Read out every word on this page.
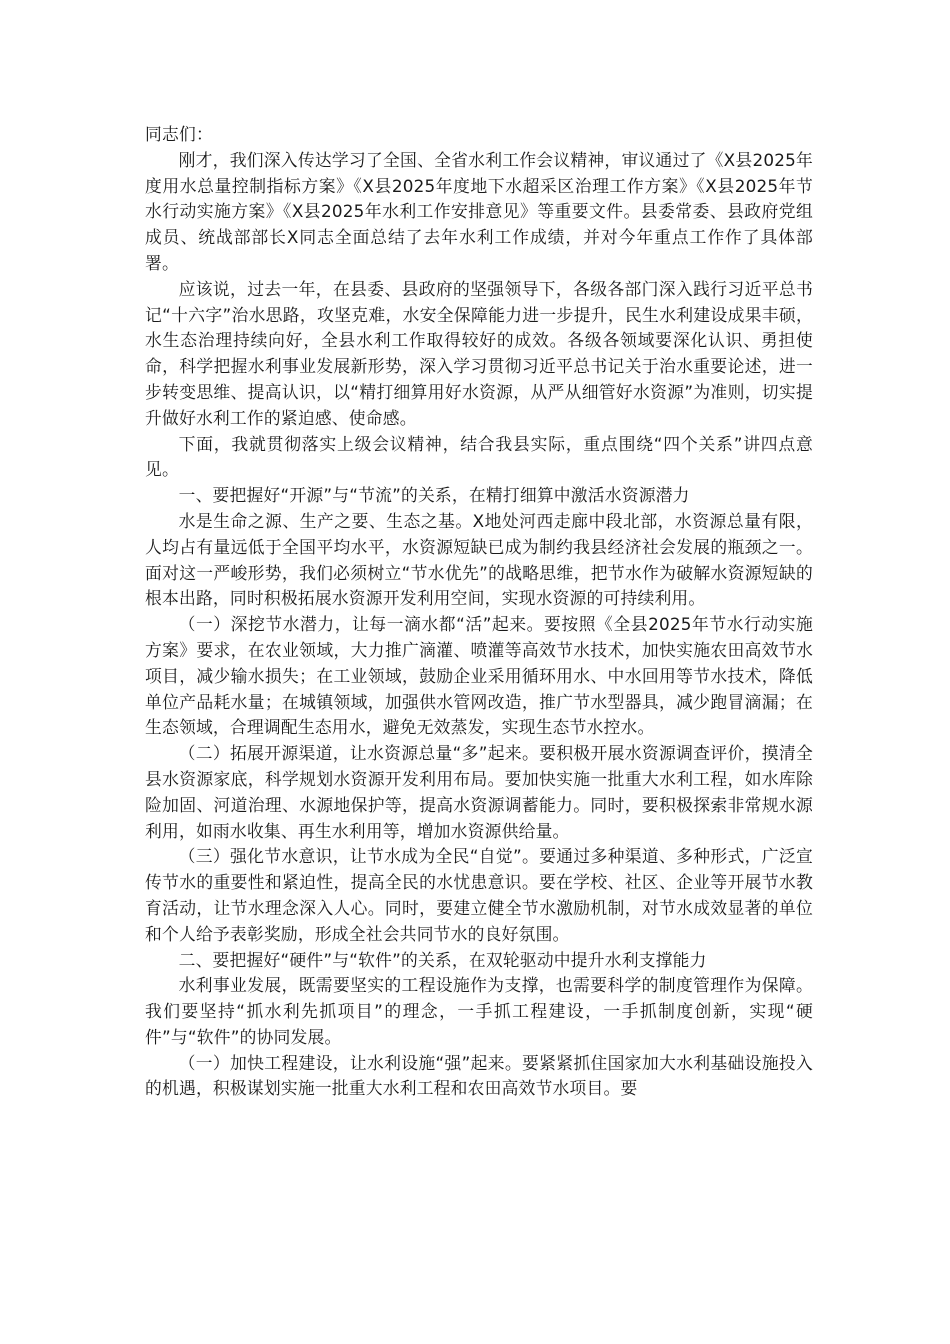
同志们：

刚才，我们深入传达学习了全国、全省水利工作会议精神，审议通过了《X县2025年度用水总量控制指标方案》《X县2025年度地下水超采区治理工作方案》《X县2025年节水行动实施方案》《X县2025年水利工作安排意见》等重要文件。县委常委、县政府党组成员、统战部部长X同志全面总结了去年水利工作成绩，并对今年重点工作作了具体部署。

应该说，过去一年，在县委、县政府的坚强领导下，各级各部门深入践行习近平总书记“十六字”治水思路，攻坚克难，水安全保障能力进一步提升，民生水利建设成果丰硕，水生态治理持续向好，全县水利工作取得较好的成效。各级各领域要深化认识、勇担使命，科学把握水利事业发展新形势，深入学习贯彻习近平总书记关于治水重要论述，进一步转变思维、提高认识，以“精打细算用好水资源，从严从细管好水资源”为准则，切实提升做好水利工作的紧迫感、使命感。

下面，我就贯彻落实上级会议精神，结合我县实际，重点围绕“四个关系”讲四点意见。

一、要把握好“开源”与“节流”的关系，在精打细算中激活水资源潜力

水是生命之源、生产之要、生态之基。X地处河西走廊中段北部，水资源总量有限，人均占有量远低于全国平均水平，水资源短缺已成为制约我县经济社会发展的瓶颈之一。面对这一严峻形势，我们必须树立“节水优先”的战略思维，把节水作为破解水资源短缺的根本出路，同时积极拓展水资源开发利用空间，实现水资源的可持续利用。

（一）深挖节水潜力，让每一滴水都“活”起来。要按照《全县2025年节水行动实施方案》要求，在农业领域，大力推广滴灌、喷灌等高效节水技术，加快实施农田高效节水项目，减少输水损失；在工业领域，鼓励企业采用循环用水、中水回用等节水技术，降低单位产品耗水量；在城镇领域，加强供水管网改造，推广节水型器具，减少跑冒滴漏；在生态领域，合理调配生态用水，避免无效蒸发，实现生态节水控水。

（二）拓展开源渠道，让水资源总量“多”起来。要积极开展水资源调查评价，摸清全县水资源家底，科学规划水资源开发利用布局。要加快实施一批重大水利工程，如水库除险加固、河道治理、水源地保护等，提高水资源调蓄能力。同时，要积极探索非常规水源利用，如雨水收集、再生水利用等，增加水资源供给量。

（三）强化节水意识，让节水成为全民“自觉”。要通过多种渠道、多种形式，广泛宣传节水的重要性和紧迫性，提高全民的水忧患意识。要在学校、社区、企业等开展节水教育活动，让节水理念深入人心。同时，要建立健全节水激励机制，对节水成效显著的单位和个人给予表彰奖励，形成全社会共同节水的良好氛围。

二、要把握好“硬件”与“软件”的关系，在双轮驱动中提升水利支撑能力

水利事业发展，既需要坚实的工程设施作为支撑，也需要科学的制度管理作为保障。我们要坚持“抓水利先抓项目”的理念，一手抓工程建设，一手抓制度创新，实现“硬件”与“软件”的协同发展。

（一）加快工程建设，让水利设施“强”起来。要紧紧抓住国家加大水利基础设施投入的机遇，积极谋划实施一批重大水利工程和农田高效节水项目。要
